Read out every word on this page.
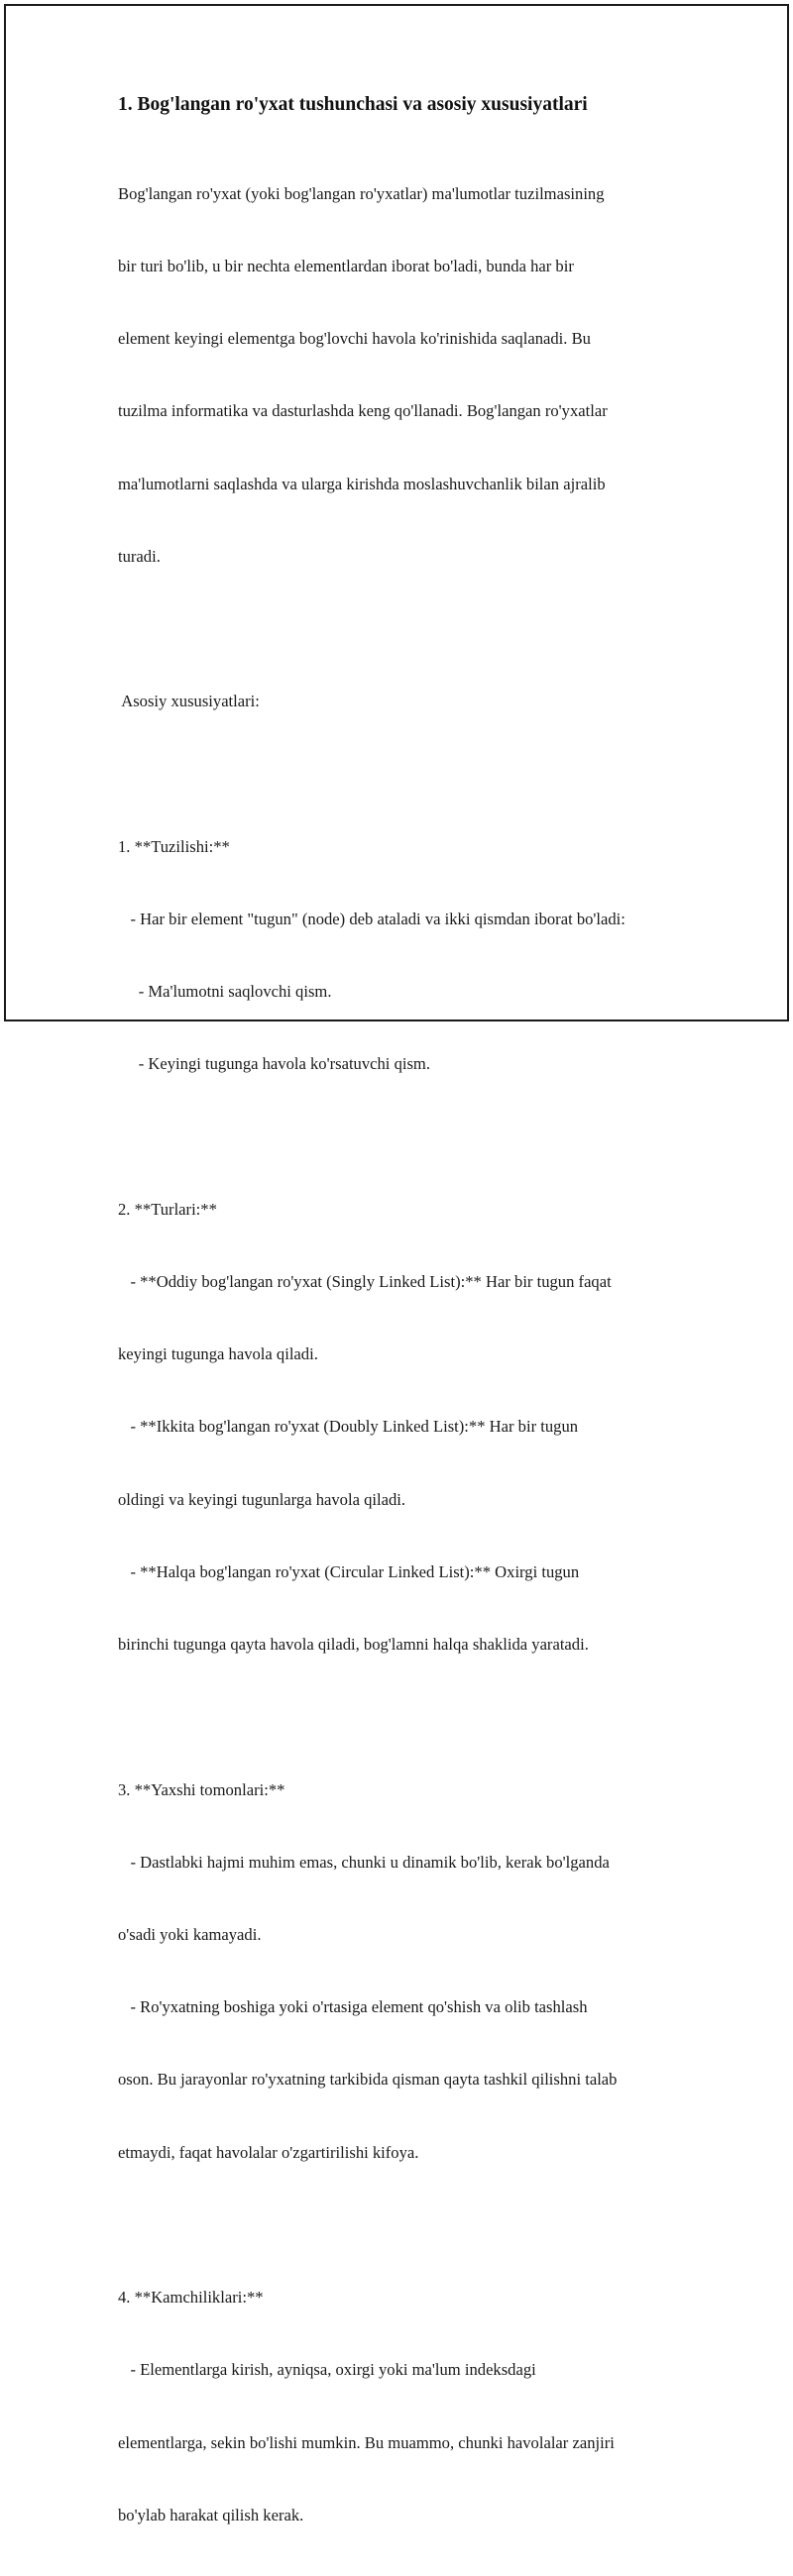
1. Bog'langan ro'yxat tushunchasi va asosiy xususiyatlari

Bog'langan ro'yxat (yoki bog'langan ro'yxatlar) ma'lumotlar tuzilmasining

bir turi bo'lib, u bir nechta elementlardan iborat bo'ladi, bunda har bir

element keyingi elementga bog'lovchi havola ko'rinishida saqlanadi. Bu

tuzilma informatika va dasturlashda keng qo'llanadi. Bog'langan ro'yxatlar

ma'lumotlarni saqlashda va ularga kirishda moslashuvchanlik bilan ajralib

turadi.

Asosiy xususiyatlari:

1. **Tuzilishi:**

- Har bir element "tugun" (node) deb ataladi va ikki qismdan iborat bo'ladi:

- Ma'lumotni saqlovchi qism.

- Keyingi tugunga havola ko'rsatuvchi qism.

2. **Turlari:**

- **Oddiy bog'langan ro'yxat (Singly Linked List):** Har bir tugun faqat

keyingi tugunga havola qiladi.

- **Ikkita bog'langan ro'yxat (Doubly Linked List):** Har bir tugun

oldingi va keyingi tugunlarga havola qiladi.

- **Halqa bog'langan ro'yxat (Circular Linked List):** Oxirgi tugun

birinchi tugunga qayta havola qiladi, bog'lamni halqa shaklida yaratadi.

3. **Yaxshi tomonlari:**

- Dastlabki hajmi muhim emas, chunki u dinamik bo'lib, kerak bo'lganda

o'sadi yoki kamayadi.

- Ro'yxatning boshiga yoki o'rtasiga element qo'shish va olib tashlash

oson. Bu jarayonlar ro'yxatning tarkibida qisman qayta tashkil qilishni talab

etmaydi, faqat havolalar o'zgartirilishi kifoya.

4. **Kamchiliklari:**

- Elementlarga kirish, ayniqsa, oxirgi yoki ma'lum indeksdagi

elementlarga, sekin bo'lishi mumkin. Bu muammo, chunki havolalar zanjiri

bo'ylab harakat qilish kerak.
